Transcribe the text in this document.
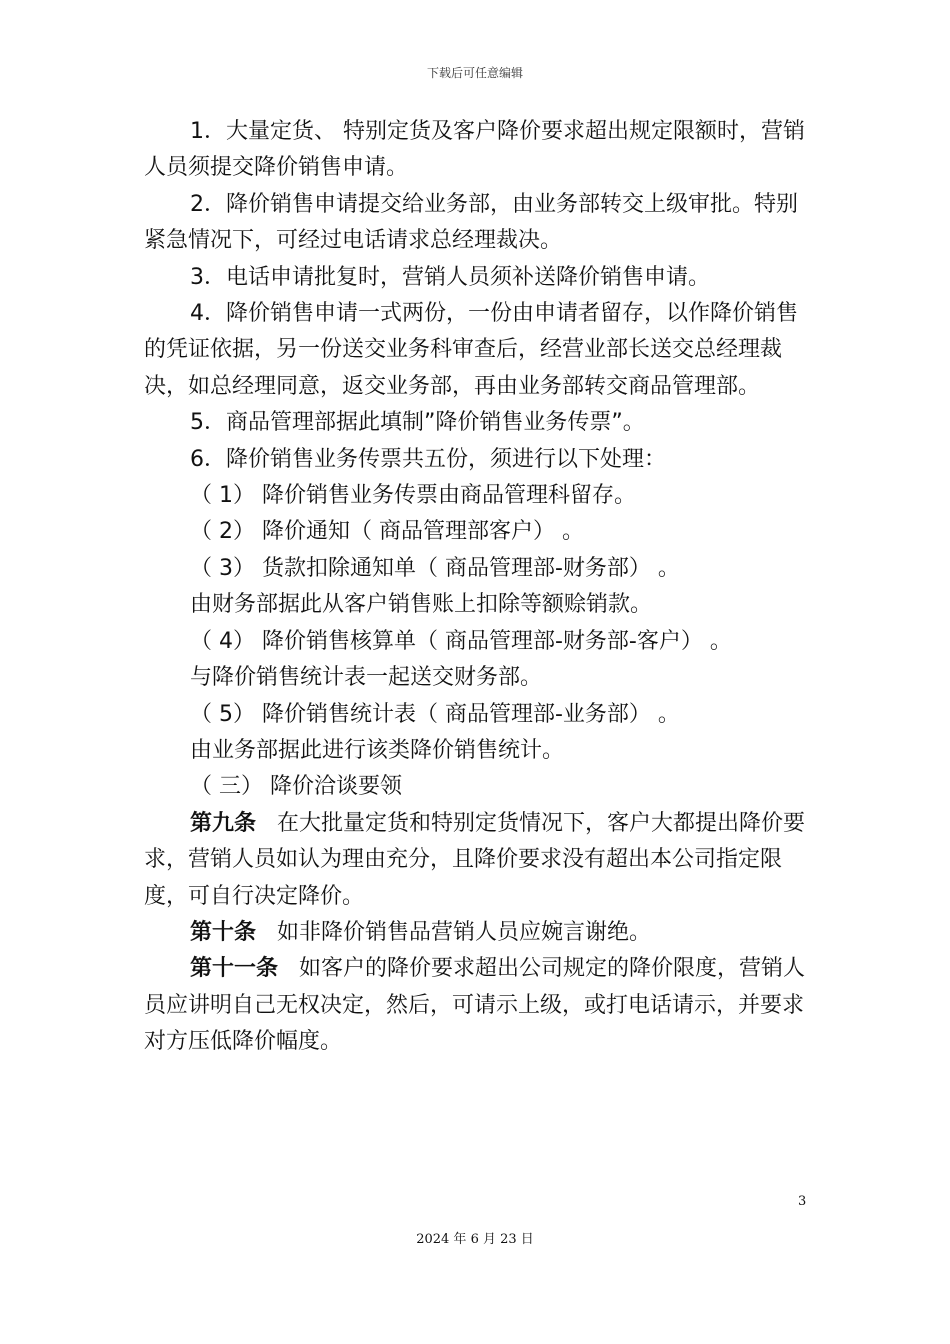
下载后可任意编辑

1．大量定货、 特别定货及客户降价要求超出规定限额时，营销人员须提交降价销售申请。

2．降价销售申请提交给业务部，由业务部转交上级审批。特别紧急情况下，可经过电话请求总经理裁决。

3．电话申请批复时，营销人员须补送降价销售申请。

4．降价销售申请一式两份，一份由申请者留存，以作降价销售的凭证依据，另一份送交业务科审查后，经营业部长送交总经理裁决，如总经理同意，返交业务部，再由业务部转交商品管理部。

5．商品管理部据此填制”降价销售业务传票”。

6．降价销售业务传票共五份，须进行以下处理：

（ 1） 降价销售业务传票由商品管理科留存。

（ 2） 降价通知（ 商品管理部客户） 。

（ 3） 货款扣除通知单（ 商品管理部-财务部） 。

由财务部据此从客户销售账上扣除等额赊销款。

（ 4） 降价销售核算单（ 商品管理部-财务部-客户） 。

与降价销售统计表一起送交财务部。

（ 5） 降价销售统计表（ 商品管理部-业务部） 。

由业务部据此进行该类降价销售统计。

（ 三） 降价洽谈要领

第九条 在大批量定货和特别定货情况下，客户大都提出降价要求，营销人员如认为理由充分，且降价要求没有超出本公司指定限度，可自行决定降价。

第十条 如非降价销售品营销人员应婉言谢绝。

第十一条 如客户的降价要求超出公司规定的降价限度，营销人员应讲明自己无权决定，然后，可请示上级，或打电话请示，并要求对方压低降价幅度。

3
2024 年 6 月 23 日
